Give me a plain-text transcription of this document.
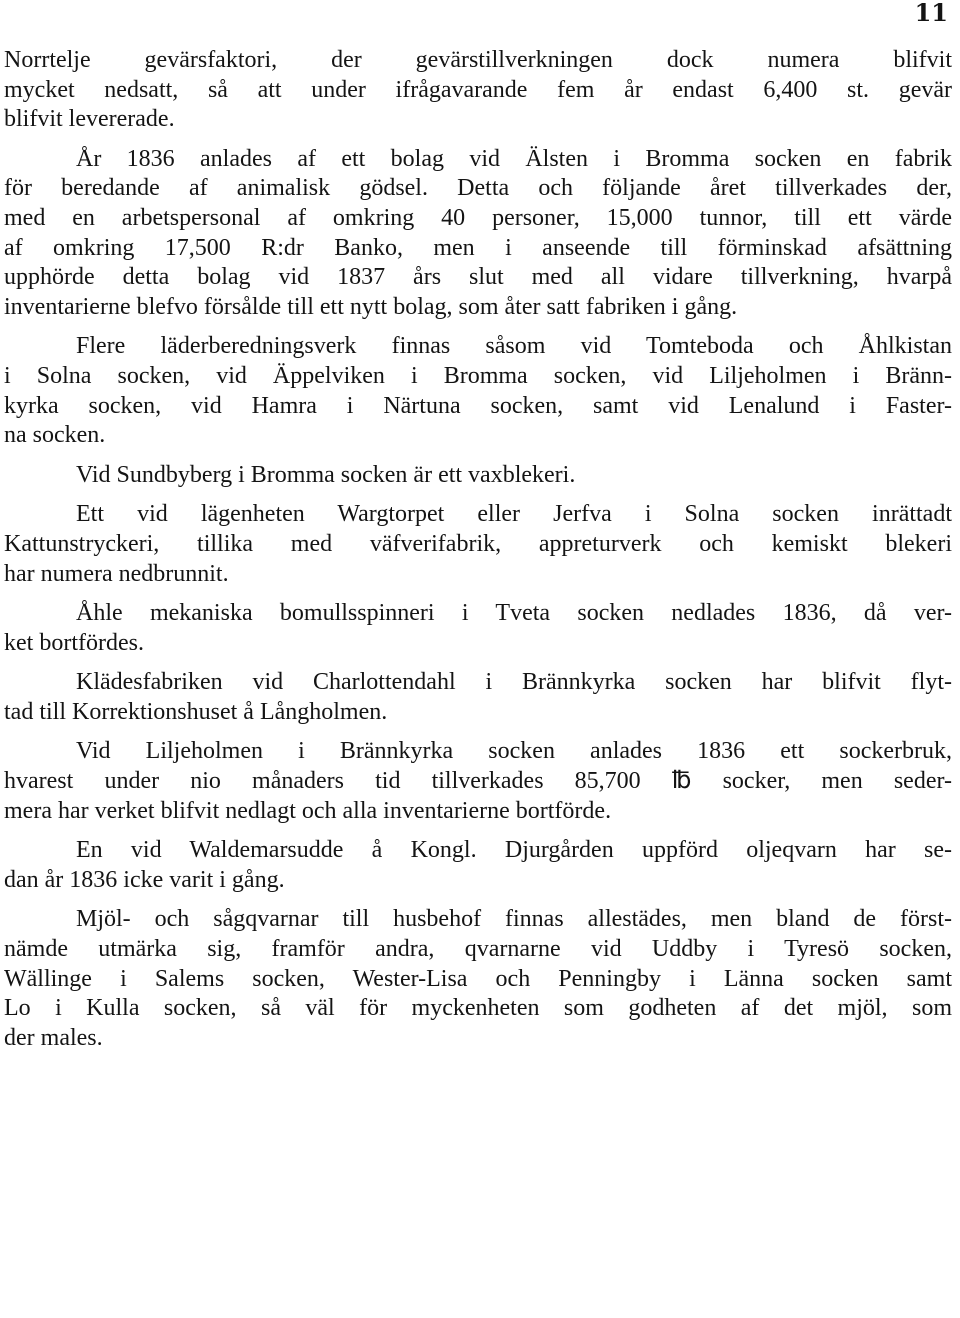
11
Norrtelje gevärsfaktori, der gevärstillverkningen dock numera blifvit
mycket nedsatt, så att under ifrågavarande fem år endast 6,400 st. gevär
blifvit levererade.
År 1836 anlades af ett bolag vid Älsten i Bromma socken en fabrik
för beredande af animalisk gödsel. Detta och följande året tillverkades der,
med en arbetspersonal af omkring 40 personer, 15,000 tunnor, till ett värde
af omkring 17,500 R:dr Banko, men i anseende till förminskad afsättning
upphörde detta bolag vid 1837 års slut med all vidare tillverkning, hvarpå
inventarierne blefvo försålde till ett nytt bolag, som åter satt fabriken i gång.
Flere läderberedningsverk finnas såsom vid Tomteboda och Åhlkistan
i Solna socken, vid Äppelviken i Bromma socken, vid Liljeholmen i Bränn-
kyrka socken, vid Hamra i Närtuna socken, samt vid Lenalund i Faster-
na socken.
Vid Sundbyberg i Bromma socken är ett vaxblekeri.
Ett vid lägenheten Wargtorpet eller Jerfva i Solna socken inrättadt
Kattunstryckeri, tillika med väfverifabrik, appreturverk och kemiskt blekeri
har numera nedbrunnit.
Åhle mekaniska bomullsspinneri i Tveta socken nedlades 1836, då ver-
ket bortfördes.
Klädesfabriken vid Charlottendahl i Brännkyrka socken har blifvit flyt-
tad till Korrektionshuset å Långholmen.
Vid Liljeholmen i Brännkyrka socken anlades 1836 ett sockerbruk,
hvarest under nio månaders tid tillverkades 85,700 ℔ socker, men seder-
mera har verket blifvit nedlagt och alla inventarierne bortförde.
En vid Waldemarsudde å Kongl. Djurgården uppförd oljeqvarn har se-
dan år 1836 icke varit i gång.
Mjöl- och sågqvarnar till husbehof finnas allestädes, men bland de först-
nämde utmärka sig, framför andra, qvarnarne vid Uddby i Tyresö socken,
Wällinge i Salems socken, Wester-Lisa och Penningby i Länna socken samt
Lo i Kulla socken, så väl för myckenheten som godheten af det mjöl, som
der males.
